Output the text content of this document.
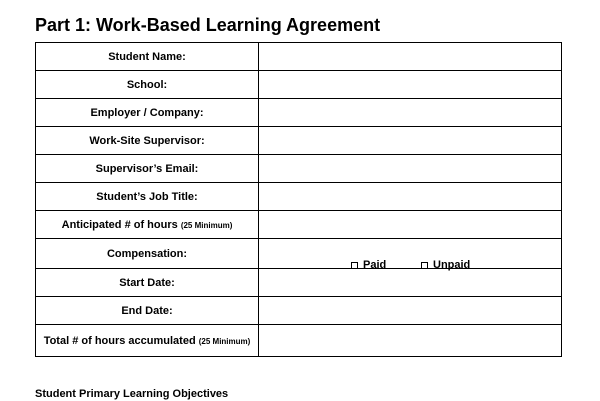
Part 1: Work-Based Learning Agreement
Student Name:	
School:	
Employer / Company:	
Work-Site Supervisor:	
Supervisor’s Email:	
Student’s Job Title:	
Anticipated # of hours (25 Minimum)	
Compensation:	Paid Unpaid

Start Date:	
End Date:	
Total # of hours accumulated (25 Minimum)	
Student Primary Learning Objectives
